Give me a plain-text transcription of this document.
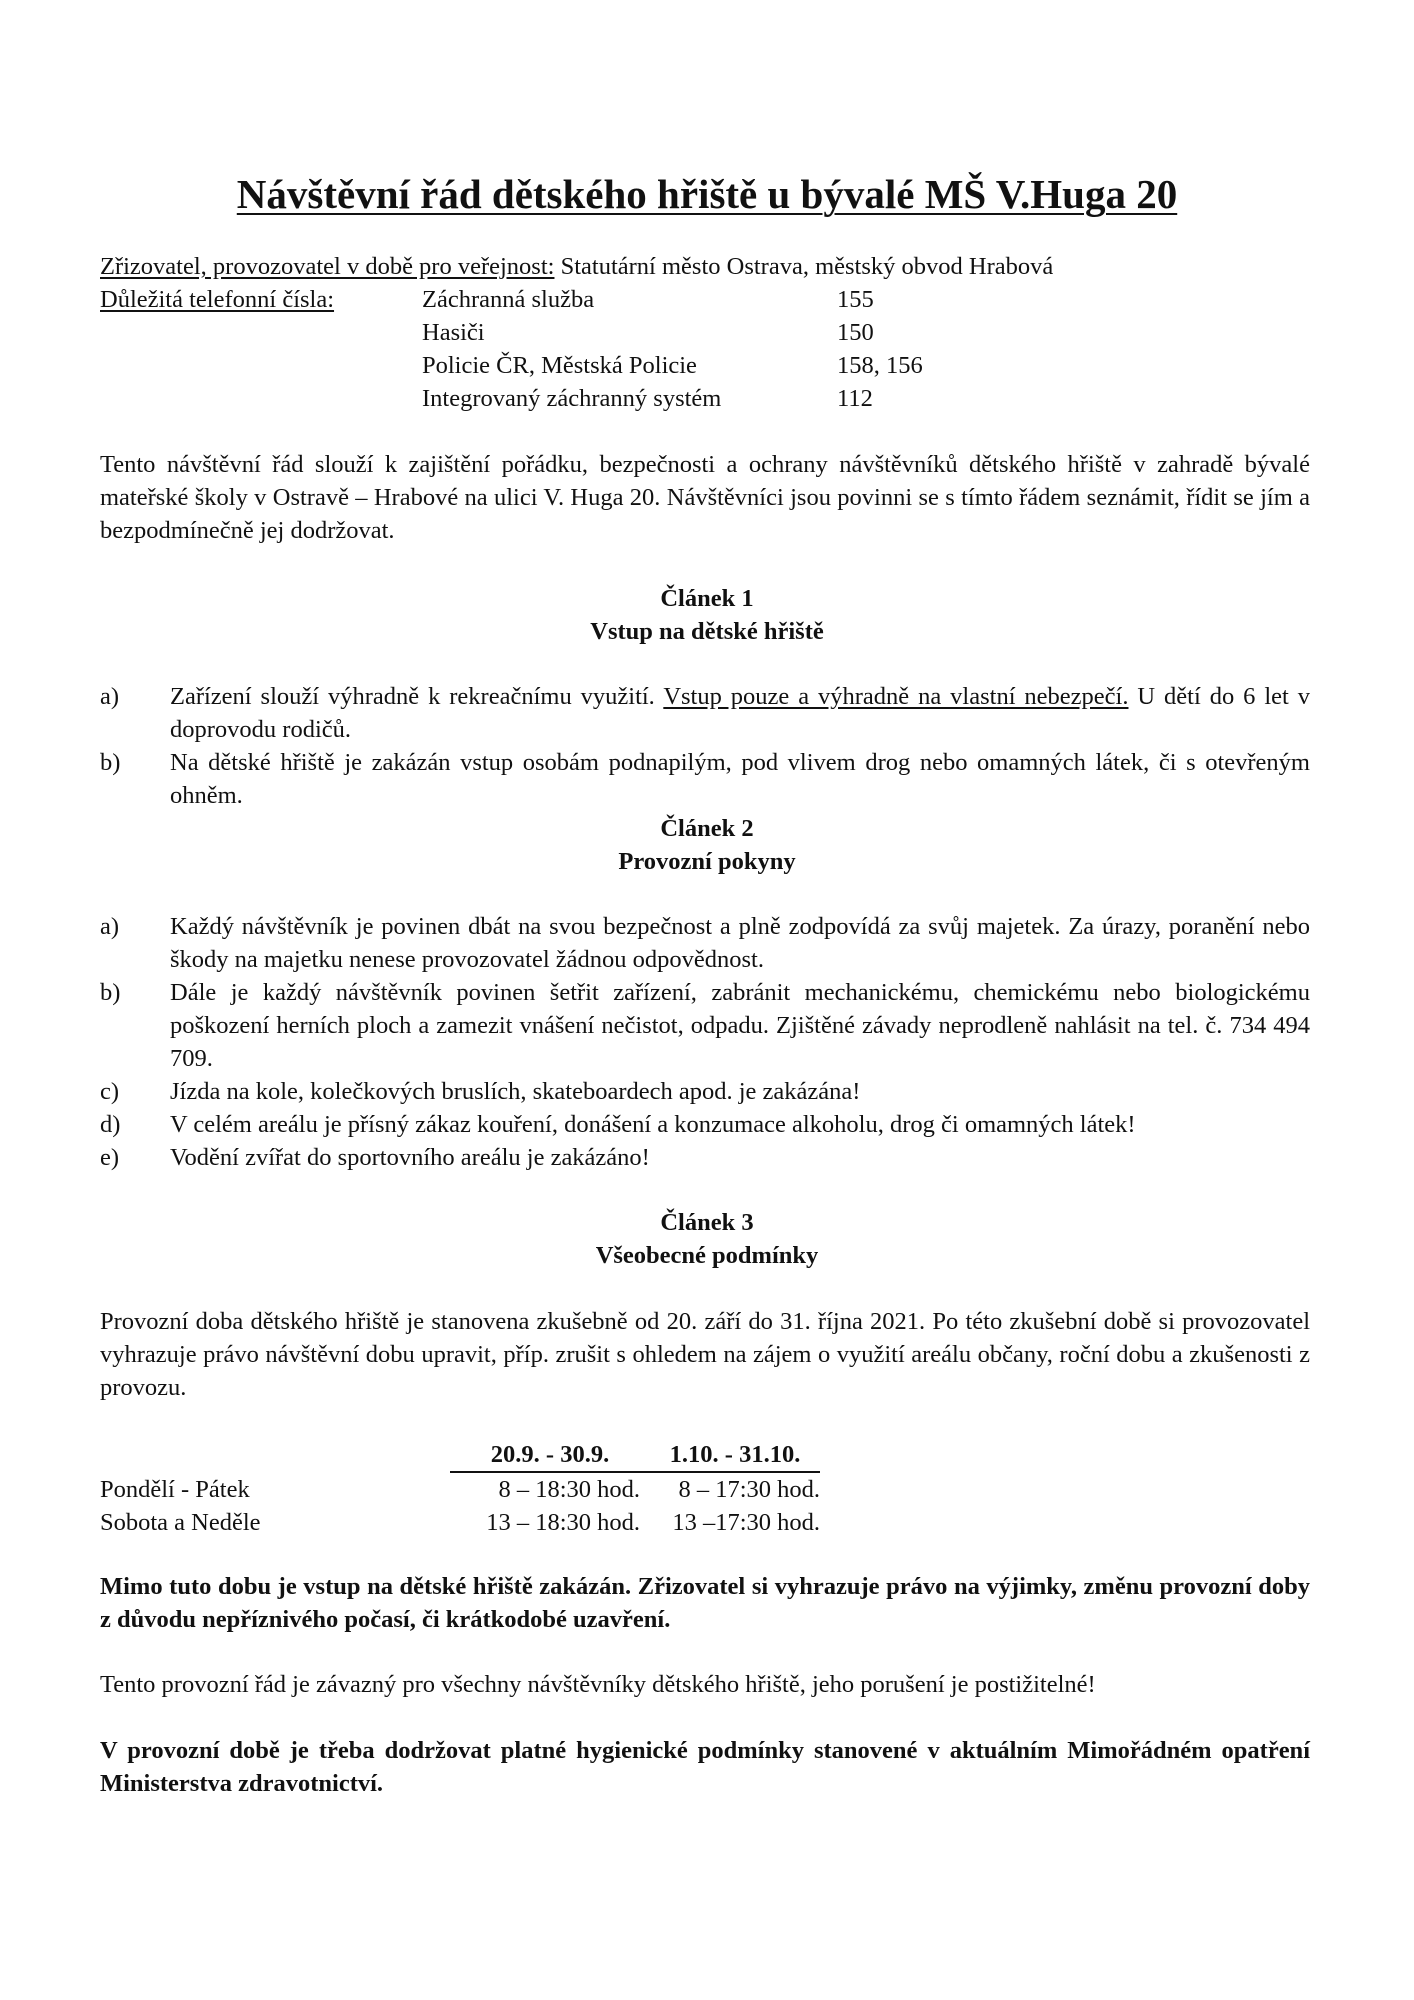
Návštěvní řád dětského hřiště u bývalé MŠ V.Huga 20
Zřizovatel, provozovatel v době pro veřejnost: Statutární město Ostrava, městský obvod Hrabová
Důležitá telefonní čísla:	Záchranná služba	155
Hasiči	150
Policie ČR, Městská Policie	158, 156
Integrovaný záchranný systém	112
Tento návštěvní řád slouží k zajištění pořádku, bezpečnosti a ochrany návštěvníků dětského hřiště v zahradě bývalé mateřské školy v Ostravě – Hrabové na ulici V. Huga 20. Návštěvníci jsou povinni se s tímto řádem seznámit, řídit se jím a bezpodmínečně jej dodržovat.
Článek 1
Vstup na dětské hřiště
a)	Zařízení slouží výhradně k rekreačnímu využití. Vstup pouze a výhradně na vlastní nebezpečí. U dětí do 6 let v doprovodu rodičů.
b)	Na dětské hřiště je zakázán vstup osobám podnapilým, pod vlivem drog nebo omamných látek, či s otevřeným ohněm.
Článek 2
Provozní pokyny
a)	Každý návštěvník je povinen dbát na svou bezpečnost a plně zodpovídá za svůj majetek. Za úrazy, poranění nebo škody na majetku nenese provozovatel žádnou odpovědnost.
b)	Dále je každý návštěvník povinen šetřit zařízení, zabránit mechanickému, chemickému nebo biologickému poškození herních ploch a zamezit vnášení nečistot, odpadu. Zjištěné závady neprodleně nahlásit na tel. č. 734 494 709.
c)	Jízda na kole, kolečkových bruslích, skateboardech apod. je zakázána!
d)	V celém areálu je přísný zákaz kouření, donášení a konzumace alkoholu, drog či omamných látek!
e)	Vodění zvířat do sportovního areálu je zakázáno!
Článek 3
Všeobecné podmínky
Provozní doba dětského hřiště je stanovena zkušebně od 20. září do 31. října 2021. Po této zkušební době si provozovatel vyhrazuje právo návštěvní dobu upravit, příp. zrušit s ohledem na zájem o využití areálu občany, roční dobu a zkušenosti z provozu.
	20.9. - 30.9.	1.10. - 31.10.
Pondělí - Pátek	8 – 18:30 hod.	8 – 17:30 hod.
Sobota a Neděle	13 – 18:30 hod.	13 –17:30 hod.
Mimo tuto dobu je vstup na dětské hřiště zakázán. Zřizovatel si vyhrazuje právo na výjimky, změnu provozní doby z důvodu nepříznivého počasí, či krátkodobé uzavření.
Tento provozní řád je závazný pro všechny návštěvníky dětského hřiště, jeho porušení je postižitelné!
V provozní době je třeba dodržovat platné hygienické podmínky stanovené v aktuálním Mimořádném opatření Ministerstva zdravotnictví.
